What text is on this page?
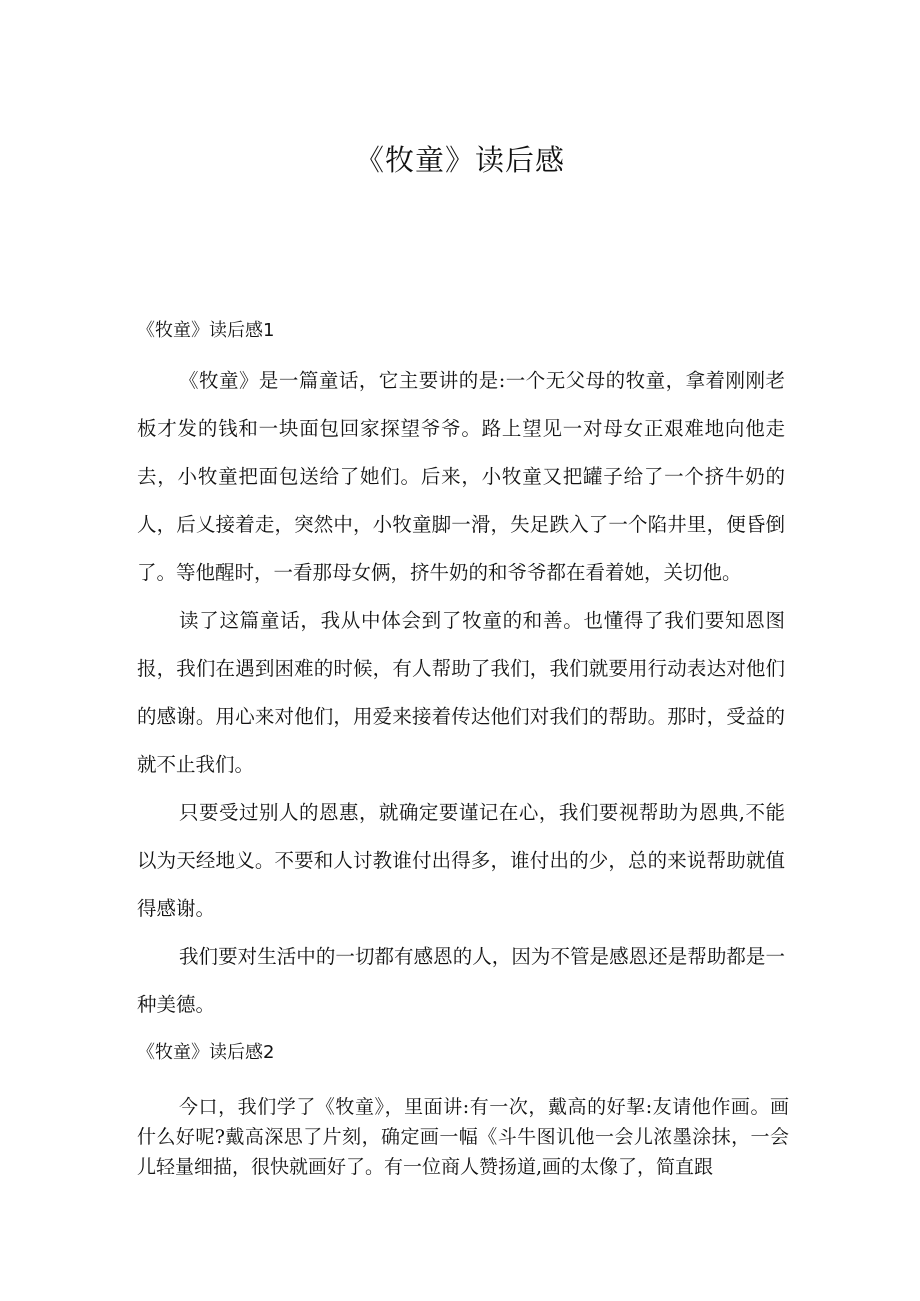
《牧童》读后感
《牧童》读后感1

《牧童》是一篇童话，它主要讲的是:一个无父母的牧童，拿着刚刚老板才发的钱和一块面包回家探望爷爷。路上望见一对母女正艰难地向他走去，小牧童把面包送给了她们。后来，小牧童又把罐子给了一个挤牛奶的人，后乂接着走，突然中，小牧童脚一滑，失足跌入了一个陷井里，便昏倒了。等他醒时，一看那母女俩，挤牛奶的和爷爷都在看着她，关切他。

读了这篇童话，我从中体会到了牧童的和善。也懂得了我们要知恩图报，我们在遇到困难的时候，有人帮助了我们，我们就要用行动表达对他们的感谢。用心来对他们，用爱来接着传达他们对我们的帮助。那时，受益的就不止我们。

只要受过别人的恩惠，就确定要谨记在心，我们要视帮助为恩典,不能以为天经地义。不要和人讨教谁付出得多，谁付出的少，总的来说帮助就值得感谢。

我们要对生活中的一切都有感恩的人，因为不管是感恩还是帮助都是一种美德。

《牧童》读后感2

今口，我们学了《牧童》，里面讲:有一次，戴高的好挈:友请他作画。画什么好呢?戴高深思了片刻，确定画一幅《斗牛图讥他一会儿浓墨涂抹，一会儿轻量细描，很快就画好了。有一位商人赞扬道,画的太像了，简直跟
